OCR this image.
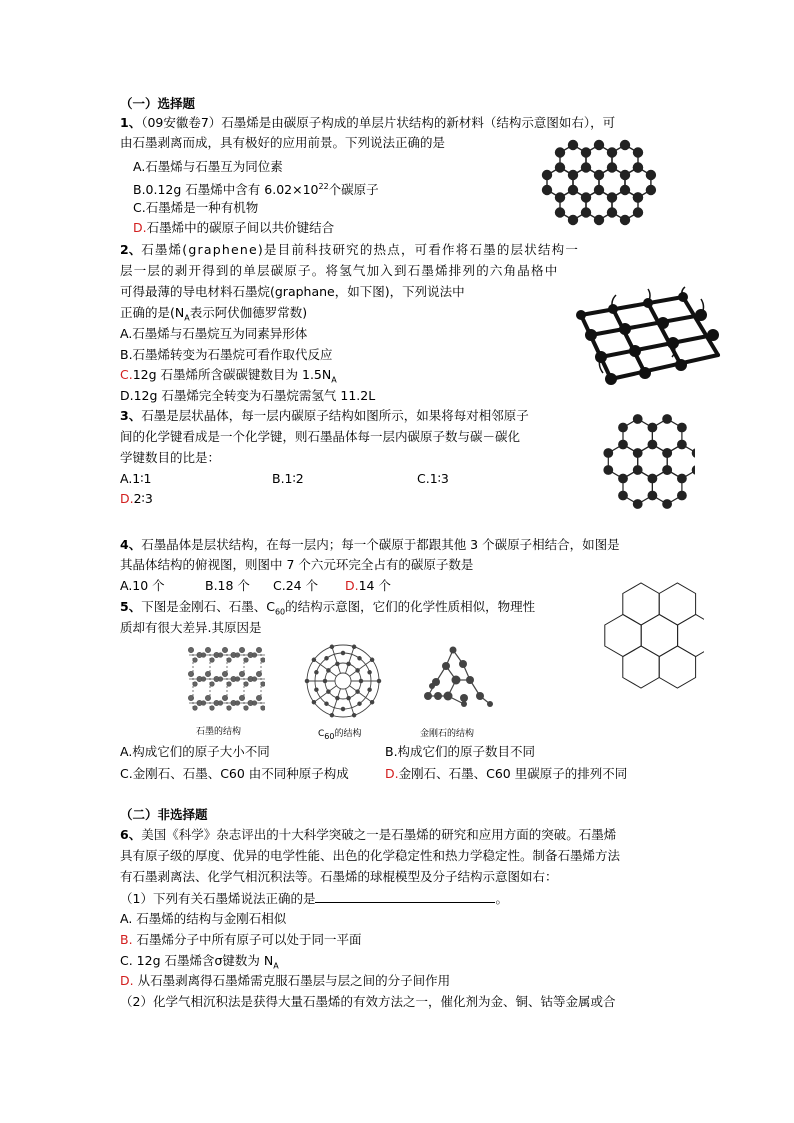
（一）选择题
1、（09安徽卷7）石墨烯是由碳原子构成的单层片状结构的新材料（结构示意图如右），可
由石墨剥离而成，具有极好的应用前景。下列说法正确的是
A.石墨烯与石墨互为同位素
B.0.12g 石墨烯中含有 $6.02\times 10^{22}$个碳原子
C.石墨烯是一种有机物
D.石墨烯中的碳原子间以共价键结合
2、石墨烯(graphene)是目前科技研究的热点，可看作将石墨的层状结构一
层一层的剥开得到的单层碳原子。将氢气加入到石墨烯排列的六角晶格中
可得最薄的导电材料石墨烷(graphane，如下图)，下列说法中
正确的是($N_A$表示阿伏伽德罗常数)
A.石墨烯与石墨烷互为同素异形体
B.石墨烯转变为石墨烷可看作取代反应
C.12g 石墨烯所含碳碳键数目为 $1.5N_A$
D.12g 石墨烯完全转变为石墨烷需氢气 11.2L
3、石墨是层状晶体，每一层内碳原子结构如图所示，如果将每对相邻原子
间的化学键看成是一个化学键，则石墨晶体每一层内碳原子数与碳－碳化
学键数目的比是：
A.1∶1	B.1∶2	C.1∶3
D.2∶3
4、石墨晶体是层状结构，在每一层内；每一个碳原于都跟其他 3 个碳原子相结合，如图是
其晶体结构的俯视图，则图中 7 个六元环完全占有的碳原子数是
A.10 个	B.18 个 C.24 个 D.14 个
5、下图是金刚石、石墨、$C_{60}$的结构示意图，它们的化学性质相似，物理性
质却有很大差异.其原因是
石墨的结构	$C_{60}$的结构	金刚石的结构
A.构成它们的原子大小不同	B.构成它们的原子数目不同
C.金刚石、石墨、C60 由不同种原子构成	D.金刚石、石墨、C60 里碳原子的排列不同
（二）非选择题
6、美国《科学》杂志评出的十大科学突破之一是石墨烯的研究和应用方面的突破。石墨烯
具有原子级的厚度、优异的电学性能、出色的化学稳定性和热力学稳定性。制备石墨烯方法
有石墨剥离法、化学气相沉积法等。石墨烯的球棍模型及分子结构示意图如右：
（1）下列有关石墨烯说法正确的是	。
A. 石墨烯的结构与金刚石相似
B. 石墨烯分子中所有原子可以处于同一平面
C. 12g 石墨烯含σ键数为 $N_A$
D. 从石墨剥离得石墨烯需克服石墨层与层之间的分子间作用
（2）化学气相沉积法是获得大量石墨烯的有效方法之一，催化剂为金、铜、钴等金属或合
